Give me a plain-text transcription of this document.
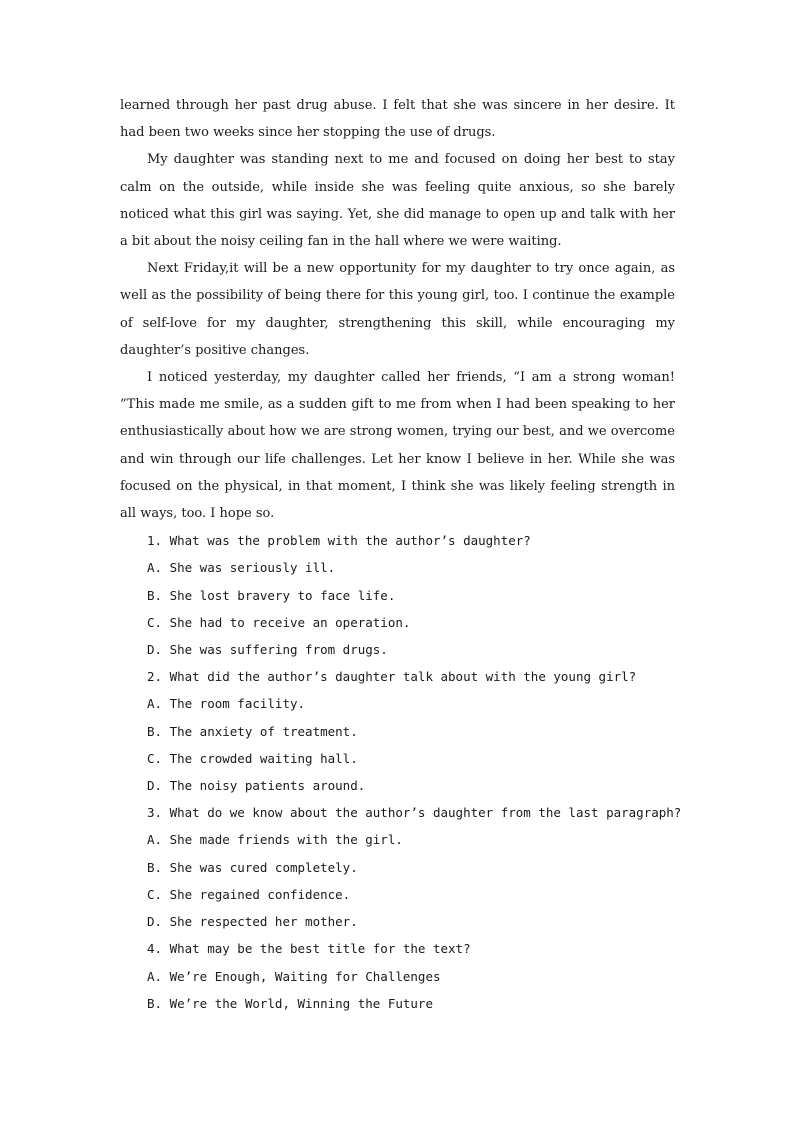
learned through her past drug abuse. I felt that she was sincere in her desire. It had been two weeks since her stopping the use of drugs.

My daughter was standing next to me and focused on doing her best to stay calm on the outside, while inside she was feeling quite anxious, so she barely noticed what this girl was saying. Yet, she did manage to open up and talk with her a bit about the noisy ceiling fan in the hall where we were waiting.

Next Friday,it will be a new opportunity for my daughter to try once again, as well as the possibility of being there for this young girl, too. I continue the example of self-love for my daughter, strengthening this skill, while encouraging my daughter’s positive changes.

I noticed yesterday, my daughter called her friends, “I am a strong woman! ”This made me smile, as a sudden gift to me from when I had been speaking to her enthusiastically about how we are strong women, trying our best, and we overcome and win through our life challenges. Let her know I believe in her. While she was focused on the physical, in that moment, I think she was likely feeling strength in all ways, too. I hope so.

1. What was the problem with the author’s daughter?

A. She was seriously ill.

B. She lost bravery to face life.

C. She had to receive an operation.

D. She was suffering from drugs.

2. What did the author’s daughter talk about with the young girl?

A. The room facility.

B. The anxiety of treatment.

C. The crowded waiting hall.

D. The noisy patients around.

3. What do we know about the author’s daughter from the last paragraph?

A. She made friends with the girl.

B. She was cured completely.

C. She regained confidence.

D. She respected her mother.

4. What may be the best title for the text?

A. We’re Enough, Waiting for Challenges

B. We’re the World, Winning the Future
